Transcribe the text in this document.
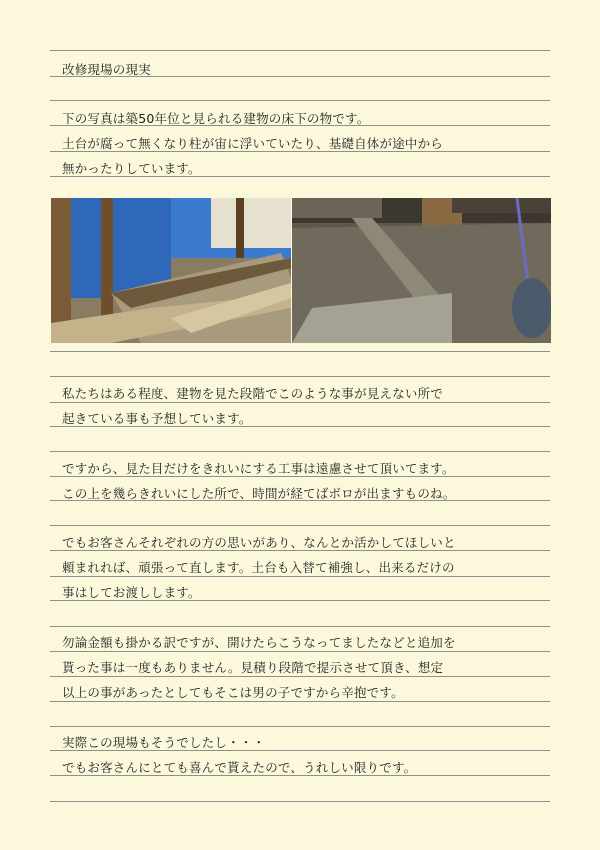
改修現場の現実
下の写真は築50年位と見られる建物の床下の物です。
土台が腐って無くなり柱が宙に浮いていたり、基礎自体が途中から
無かったりしています。
私たちはある程度、建物を見た段階でこのような事が見えない所で
起きている事も予想しています。
ですから、見た目だけをきれいにする工事は遠慮させて頂いてます。
この上を幾らきれいにした所で、時間が経てばボロが出ますものね。
でもお客さんそれぞれの方の思いがあり、なんとか活かしてほしいと
頼まれれば、頑張って直します。土台も入替て補強し、出来るだけの
事はしてお渡しします。
勿論金額も掛かる訳ですが、開けたらこうなってましたなどと追加を
貰った事は一度もありません。見積り段階で提示させて頂き、想定
以上の事があったとしてもそこは男の子ですから辛抱です。
実際この現場もそうでしたし・・・
でもお客さんにとても喜んで貰えたので、うれしい限りです。
